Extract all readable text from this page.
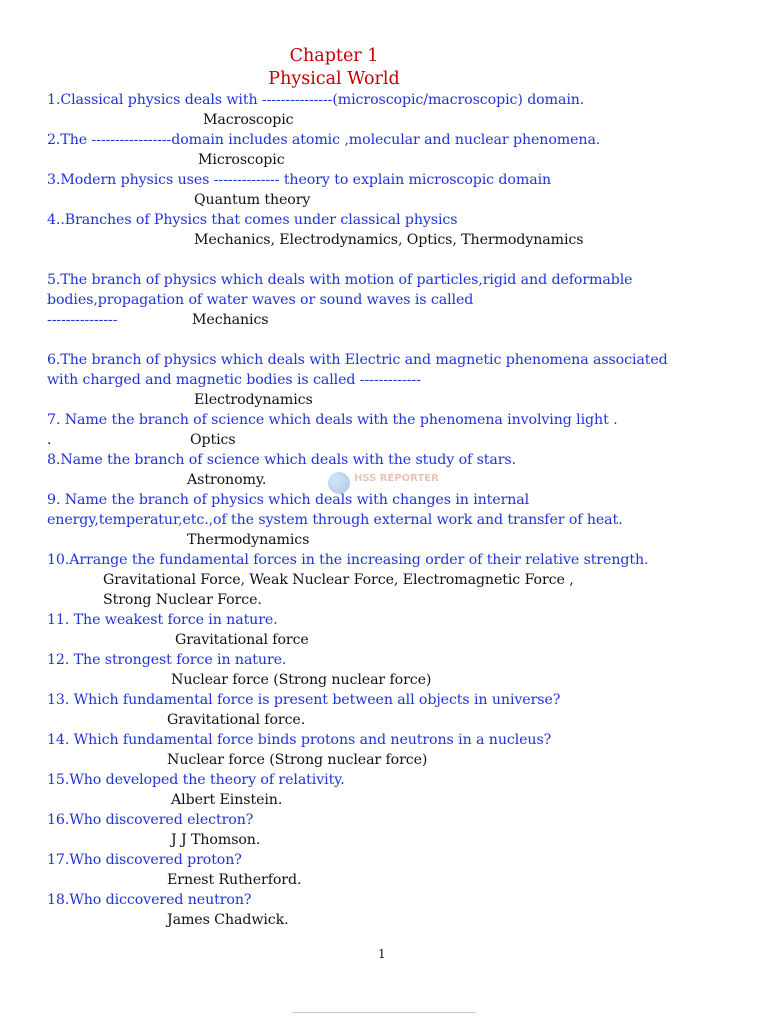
Chapter 1
Physical World
1.Classical physics deals with ---------------(microscopic/macroscopic) domain.
Macroscopic
2.The -----------------domain includes atomic ,molecular and nuclear phenomena.
Microscopic
3.Modern physics uses -------------- theory to explain microscopic domain
Quantum theory
4..Branches of Physics that comes under classical physics
Mechanics, Electrodynamics, Optics, Thermodynamics
5.The branch of physics which deals with motion of particles,rigid and deformable
bodies,propagation of water waves or sound waves is called
---------------	Mechanics
6.The branch of physics which deals with Electric and magnetic phenomena associated
with charged and magnetic bodies is called -------------
Electrodynamics
7. Name the branch of science which deals with the phenomena involving light .
.	Optics
8.Name the branch of science which deals with the study of stars.
Astronomy.
9. Name the branch of physics which deals with changes in internal
energy,temperatur,etc.,of the system through external work and transfer of heat.
Thermodynamics
10.Arrange the fundamental forces in the increasing order of their relative strength.
Gravitational Force, Weak Nuclear Force, Electromagnetic Force ,
Strong Nuclear Force.
11. The weakest force in nature.
Gravitational force
12. The strongest force in nature.
Nuclear force (Strong nuclear force)
13. Which fundamental force is present between all objects in universe?
Gravitational force.
14. Which fundamental force binds protons and neutrons in a nucleus?
Nuclear force (Strong nuclear force)
15.Who developed the theory of relativity.
Albert Einstein.
16.Who discovered electron?
J J Thomson.
17.Who discovered proton?
Ernest Rutherford.
18.Who diccovered neutron?
James Chadwick.
HSS REPORTER
· · · · · · · · · ·
1
